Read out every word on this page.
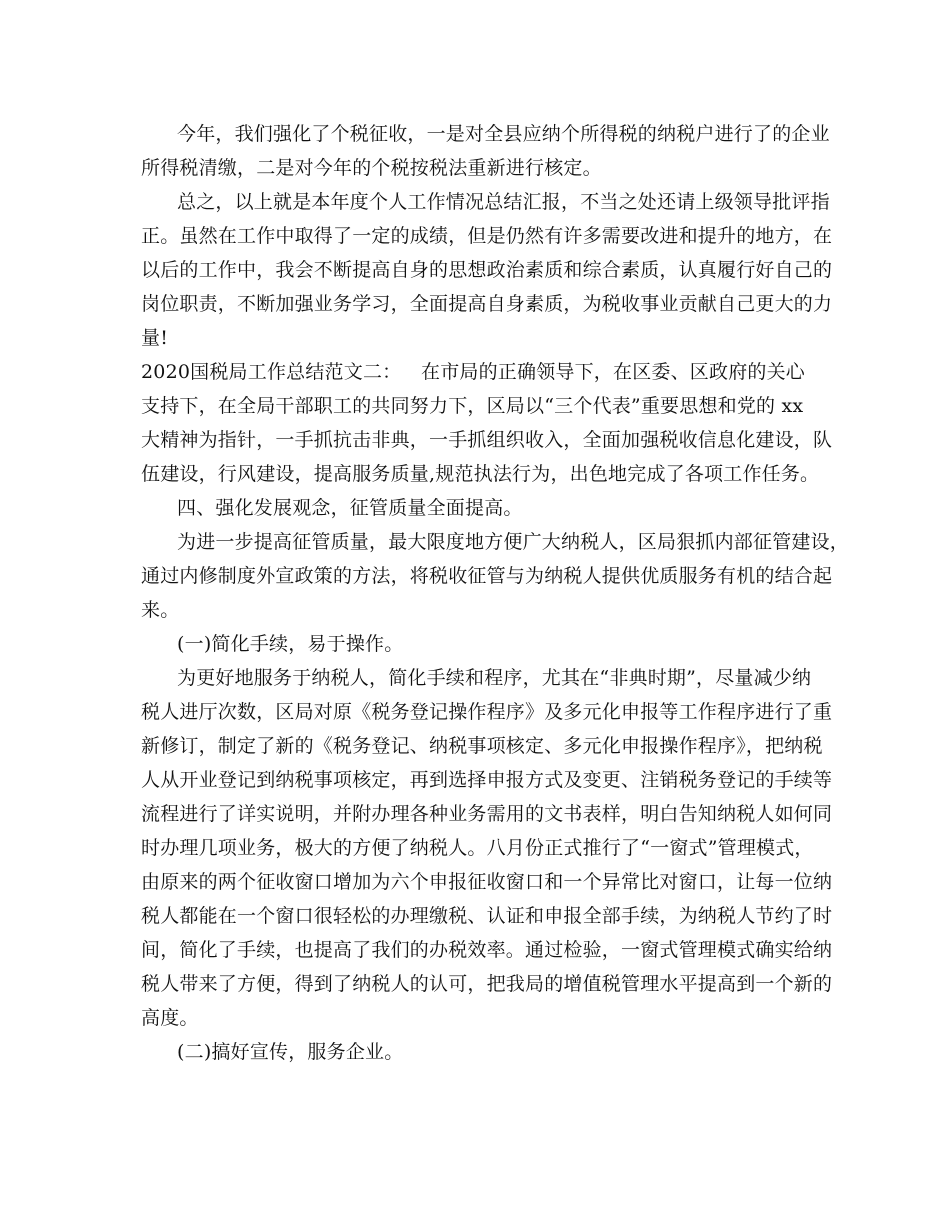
今年，我们强化了个税征收，一是对全县应纳个所得税的纳税户进行了的企业
所得税清缴，二是对今年的个税按税法重新进行核定。
总之，以上就是本年度个人工作情况总结汇报，不当之处还请上级领导批评指
正。虽然在工作中取得了一定的成绩，但是仍然有许多需要改进和提升的地方，在
以后的工作中，我会不断提高自身的思想政治素质和综合素质，认真履行好自己的
岗位职责，不断加强业务学习，全面提高自身素质，为税收事业贡献自己更大的力
量!
2020国税局工作总结范文二： 在市局的正确领导下，在区委、区政府的关心
支持下，在全局干部职工的共同努力下，区局以“三个代表”重要思想和党的 xx
大精神为指针，一手抓抗击非典，一手抓组织收入，全面加强税收信息化建设，队
伍建设，行风建设，提高服务质量,规范执法行为，出色地完成了各项工作任务。
四、强化发展观念，征管质量全面提高。
为进一步提高征管质量，最大限度地方便广大纳税人，区局狠抓内部征管建设，
通过内修制度外宣政策的方法，将税收征管与为纳税人提供优质服务有机的结合起
来。
(一)简化手续，易于操作。
为更好地服务于纳税人，简化手续和程序，尤其在“非典时期”，尽量减少纳
税人进厅次数，区局对原《税务登记操作程序》及多元化申报等工作程序进行了重
新修订，制定了新的《税务登记、纳税事项核定、多元化申报操作程序》，把纳税
人从开业登记到纳税事项核定，再到选择申报方式及变更、注销税务登记的手续等
流程进行了详实说明，并附办理各种业务需用的文书表样，明白告知纳税人如何同
时办理几项业务，极大的方便了纳税人。八月份正式推行了“一窗式”管理模式，
由原来的两个征收窗口增加为六个申报征收窗口和一个异常比对窗口，让每一位纳
税人都能在一个窗口很轻松的办理缴税、认证和申报全部手续，为纳税人节约了时
间，简化了手续，也提高了我们的办税效率。通过检验，一窗式管理模式确实给纳
税人带来了方便，得到了纳税人的认可，把我局的增值税管理水平提高到一个新的
高度。
(二)搞好宣传，服务企业。
